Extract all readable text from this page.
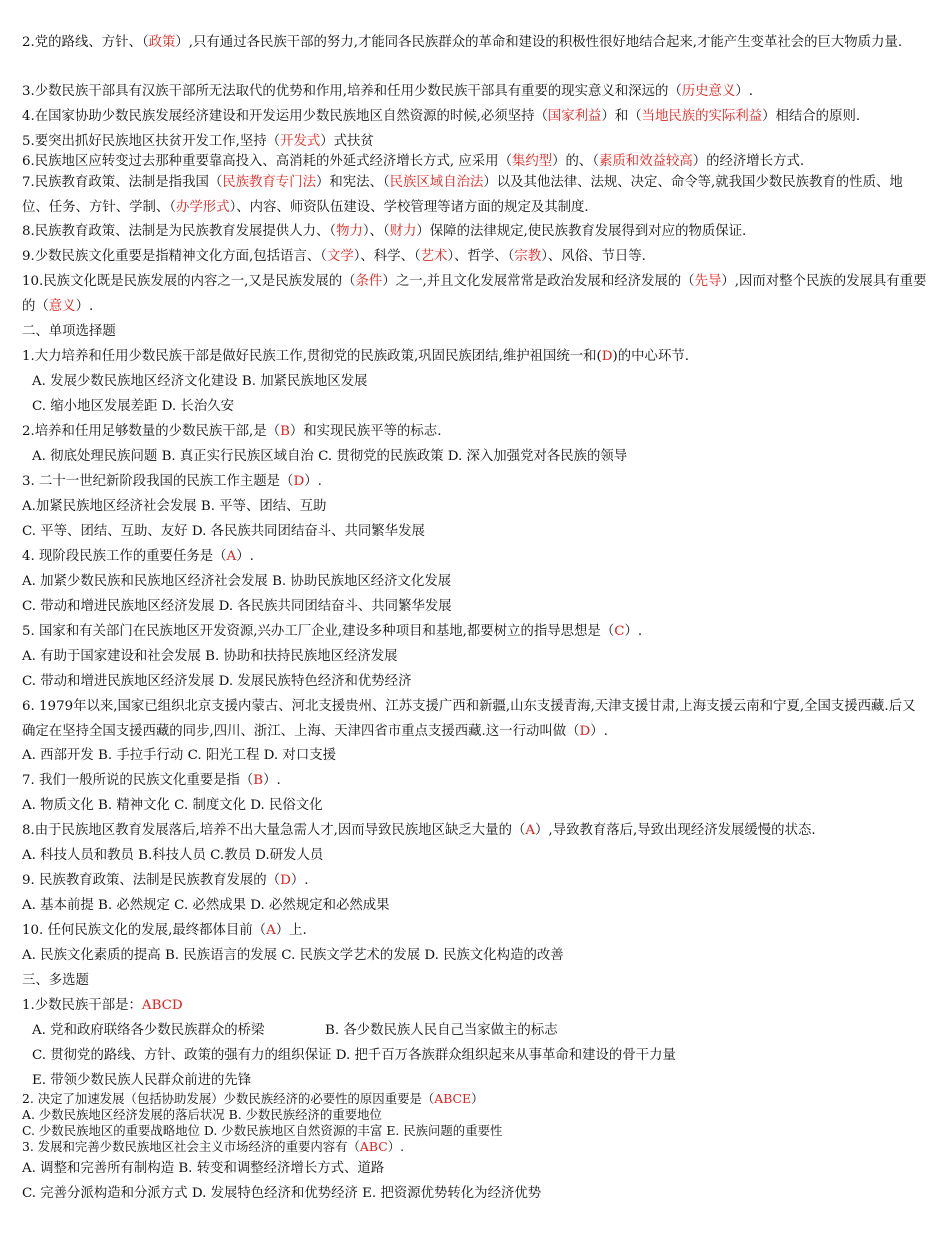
2.党的路线、方针、（政策）,只有通过各民族干部的努力,才能同各民族群众的革命和建设的积极性很好地结合起来,才能产生变革社会的巨大物质力量.
3.少数民族干部具有汉族干部所无法取代的优势和作用,培养和任用少数民族干部具有重要的现实意义和深远的（历史意义）.
4.在国家协助少数民族发展经济建设和开发运用少数民族地区自然资源的时候,必须坚持（国家利益）和（当地民族的实际利益）相结合的原则.
5.要突出抓好民族地区扶贫开发工作,坚持（开发式）式扶贫
6.民族地区应转变过去那种重要靠高投入、高消耗的外延式经济增长方式, 应采用（集约型）的、（素质和效益较高）的经济增长方式.
7.民族教育政策、法制是指我国（民族教育专门法）和宪法、（民族区域自治法）以及其他法律、法规、决定、命令等,就我国少数民族教育的性质、地位、任务、方针、学制、（办学形式）、内容、师资队伍建设、学校管理等诸方面的规定及其制度.
8.民族教育政策、法制是为民族教育发展提供人力、（物力）、（财力）保障的法律规定,使民族教育发展得到对应的物质保证.
9.少数民族文化重要是指精神文化方面,包括语言、（文学）、科学、（艺术）、哲学、（宗教）、风俗、节日等.
10.民族文化既是民族发展的内容之一,又是民族发展的（条件）之一,并且文化发展常常是政治发展和经济发展的（先导）,因而对整个民族的发展具有重要的（意义）.
二、单项选择题
1.大力培养和任用少数民族干部是做好民族工作,贯彻党的民族政策,巩固民族团结,维护祖国统一和(D)的中心环节.
A. 发展少数民族地区经济文化建设 B. 加紧民族地区发展
C. 缩小地区发展差距 D. 长治久安
2.培养和任用足够数量的少数民族干部,是（B）和实现民族平等的标志.
A. 彻底处理民族问题 B. 真正实行民族区域自治 C. 贯彻党的民族政策 D. 深入加强党对各民族的领导
3. 二十一世纪新阶段我国的民族工作主题是（D）.
A.加紧民族地区经济社会发展 B. 平等、团结、互助
C. 平等、团结、互助、友好 D. 各民族共同团结奋斗、共同繁华发展
4. 现阶段民族工作的重要任务是（A）.
A. 加紧少数民族和民族地区经济社会发展 B. 协助民族地区经济文化发展
C. 带动和增进民族地区经济发展 D. 各民族共同团结奋斗、共同繁华发展
5. 国家和有关部门在民族地区开发资源,兴办工厂企业,建设多种项目和基地,都要树立的指导思想是（C）.
A. 有助于国家建设和社会发展 B. 协助和扶持民族地区经济发展
C. 带动和增进民族地区经济发展 D. 发展民族特色经济和优势经济
6. 1979年以来,国家已组织北京支援内蒙古、河北支援贵州、江苏支援广西和新疆,山东支援青海,天津支援甘肃,上海支援云南和宁夏,全国支援西藏.后又确定在坚持全国支援西藏的同步,四川、浙江、上海、天津四省市重点支援西藏.这一行动叫做（D）.
A. 西部开发 B. 手拉手行动 C. 阳光工程 D. 对口支援
7. 我们一般所说的民族文化重要是指（B）.
A. 物质文化 B. 精神文化 C. 制度文化 D. 民俗文化
8.由于民族地区教育发展落后,培养不出大量急需人才,因而导致民族地区缺乏大量的（A）,导致教育落后,导致出现经济发展缓慢的状态.
A. 科技人员和教员 B.科技人员 C.教员 D.研发人员
9. 民族教育政策、法制是民族教育发展的（D）.
A. 基本前提 B. 必然规定 C. 必然成果 D. 必然规定和必然成果
10. 任何民族文化的发展,最终都体目前（A）上.
A. 民族文化素质的提高 B. 民族语言的发展 C. 民族文学艺术的发展 D. 民族文化构造的改善
三、多选题
1.少数民族干部是：ABCD
A. 党和政府联络各少数民族群众的桥梁	B. 各少数民族人民自己当家做主的标志
C. 贯彻党的路线、方针、政策的强有力的组织保证 D. 把千百万各族群众组织起来从事革命和建设的骨干力量
E. 带领少数民族人民群众前进的先锋
2. 决定了加速发展（包括协助发展）少数民族经济的必要性的原因重要是（ABCE）
A. 少数民族地区经济发展的落后状况 B. 少数民族经济的重要地位
C. 少数民族地区的重要战略地位 D. 少数民族地区自然资源的丰富 E. 民族问题的重要性
3. 发展和完善少数民族地区社会主义市场经济的重要内容有（ABC）.
A. 调整和完善所有制构造 B. 转变和调整经济增长方式、道路
C. 完善分派构造和分派方式 D. 发展特色经济和优势经济 E. 把资源优势转化为经济优势
